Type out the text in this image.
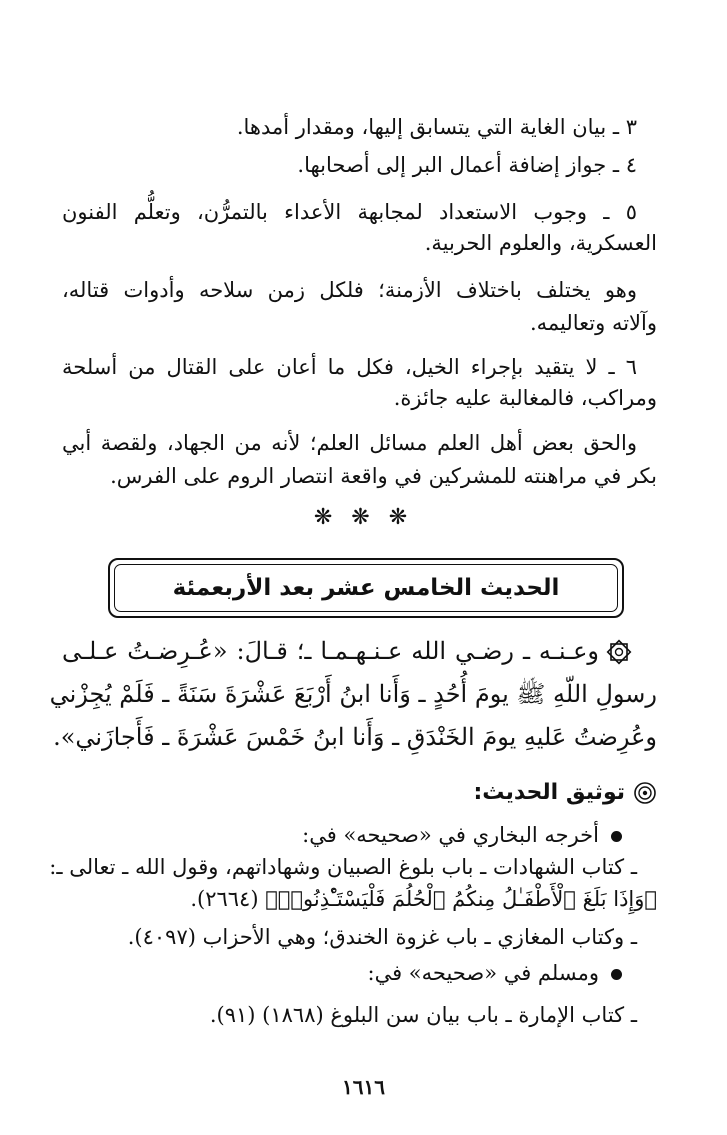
٣ ـ بيان الغاية التي يتسابق إليها، ومقدار أمدها.
٤ ـ جواز إضافة أعمال البر إلى أصحابها.
٥ ـ وجوب الاستعداد لمجابهة الأعداء بالتمرُّن، وتعلُّم الفنون
العسكرية، والعلوم الحربية.
وهو يختلف باختلاف الأزمنة؛ فلكل زمن سلاحه وأدوات قتاله،
وآلاته وتعاليمه.
٦ ـ لا يتقيد بإجراء الخيل، فكل ما أعان على القتال من أسلحة
ومراكب، فالمغالبة عليه جائزة.
والحق بعض أهل العلم مسائل العلم؛ لأنه من الجهاد، ولقصة أبي
بكر في مراهنته للمشركين في واقعة انتصار الروم على الفرس.
❋ ❋ ❋
الحديث الخامس عشر بعد الأربعمئة
وعـنـه ـ رضـي الله عـنـهـمـا ـ؛ قـالَ: «عُـرِضـتُ عـلـى
رسولِ اللّهِ ﷺ يومَ أُحُدٍ ـ وَأَنا ابنُ أَرْبَعَ عَشْرَةَ سَنَةً ـ فَلَمْ يُجِزْني
وعُرِضتُ عَليهِ يومَ الخَنْدَقِ ـ وَأَنا ابنُ خَمْسَ عَشْرَةَ ـ فَأَجازَني».
توثيق الحديث:
أخرجه البخاري في «صحيحه» في:
ـ كتاب الشهادات ـ باب بلوغ الصبيان وشهاداتهم، وقول الله ـ تعالى ـ:
﴿وَإِذَا بَلَغَ ٱلْأَطْفَـٰلُ مِنكُمُ ٱلْحُلُمَ فَلْيَسْتَـْٔذِنُوا۟﴾ (٢٦٦٤).
ـ وكتاب المغازي ـ باب غزوة الخندق؛ وهي الأحزاب (٤٠٩٧).
ومسلم في «صحيحه» في:
ـ كتاب الإمارة ـ باب بيان سن البلوغ (١٨٦٨) (٩١).
١٦١٦
